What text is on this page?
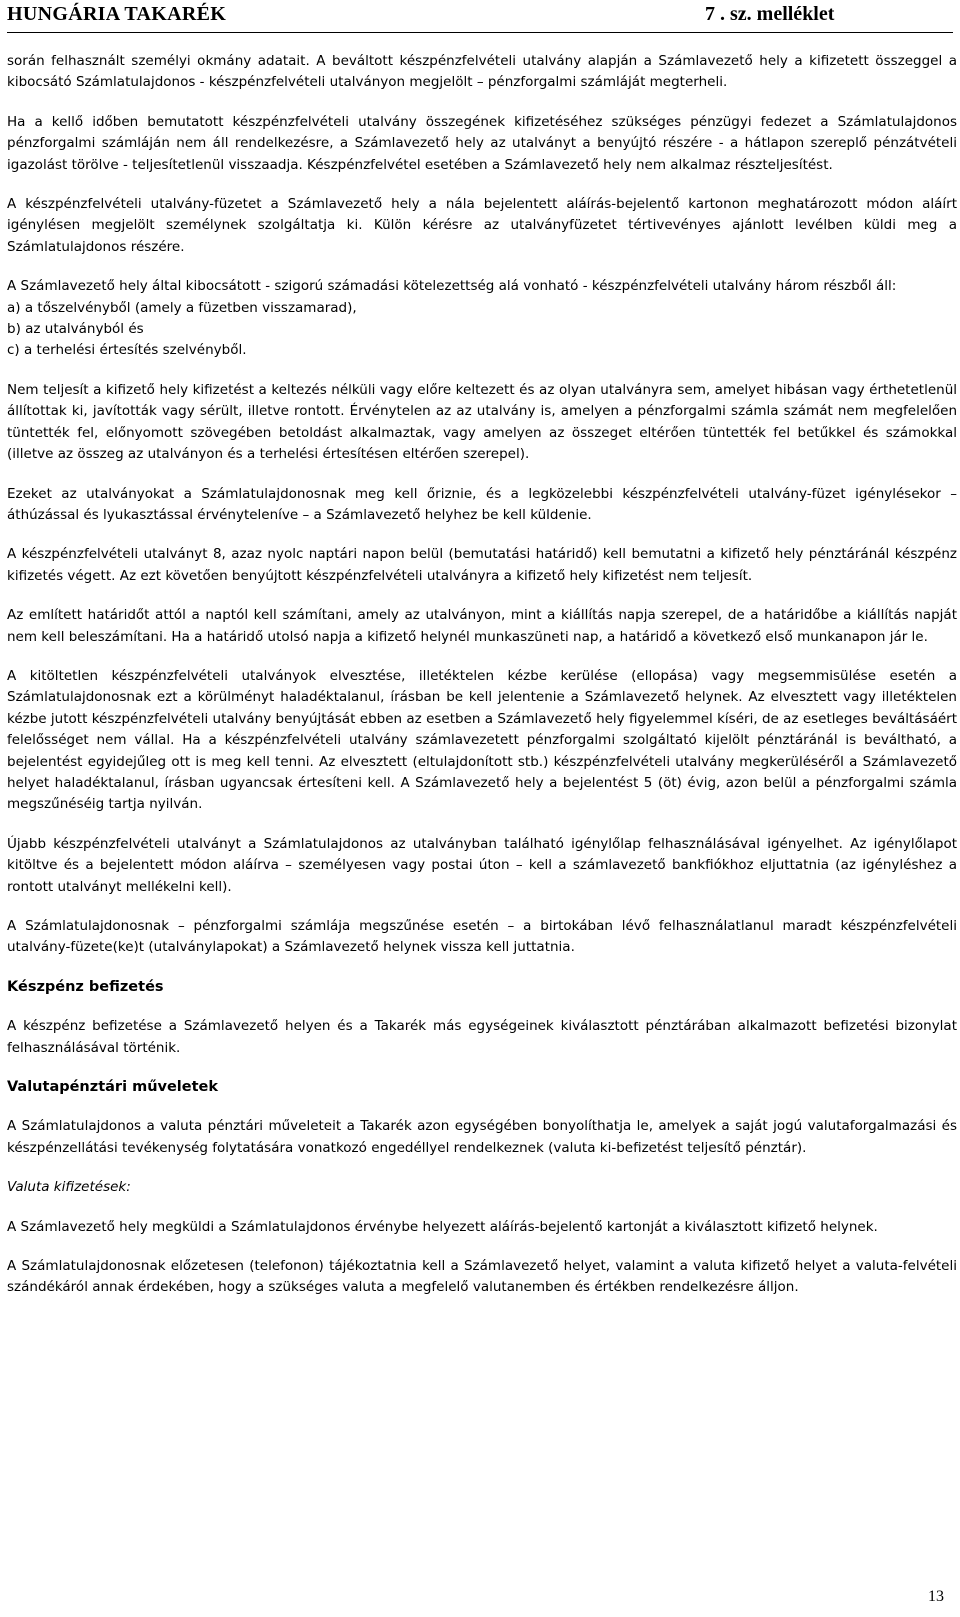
HUNGÁRIA TAKARÉK	7 . sz. melléklet

során felhasznált személyi okmány adatait. A beváltott készpénzfelvételi utalvány alapján a Számlavezető hely a kifizetett összeggel a kibocsátó Számlatulajdonos - készpénzfelvételi utalványon megjelölt – pénzforgalmi számláját megterheli.

Ha a kellő időben bemutatott készpénzfelvételi utalvány összegének kifizetéséhez szükséges pénzügyi fedezet a Számlatulajdonos pénzforgalmi számláján nem áll rendelkezésre, a Számlavezető hely az utalványt a benyújtó részére - a hátlapon szereplő pénzátvételi igazolást törölve - teljesítetlenül visszaadja. Készpénzfelvétel esetében a Számlavezető hely nem alkalmaz részteljesítést.

A készpénzfelvételi utalvány-füzetet a Számlavezető hely a nála bejelentett aláírás-bejelentő kartonon meghatározott módon aláírt igénylésen megjelölt személynek szolgáltatja ki. Külön kérésre az utalványfüzetet tértivevényes ajánlott levélben küldi meg a Számlatulajdonos részére.

A Számlavezető hely által kibocsátott - szigorú számadási kötelezettség alá vonható - készpénzfelvételi utalvány három részből áll:
a) a tőszelvényből (amely a füzetben visszamarad),
b) az utalványból és
c) a terhelési értesítés szelvényből.

Nem teljesít a kifizető hely kifizetést a keltezés nélküli vagy előre keltezett és az olyan utalványra sem, amelyet hibásan vagy érthetetlenül állítottak ki, javították vagy sérült, illetve rontott. Érvénytelen az az utalvány is, amelyen a pénzforgalmi számla számát nem megfelelően tüntették fel, előnyomott szövegében betoldást alkalmaztak, vagy amelyen az összeget eltérően tüntették fel betűkkel és számokkal (illetve az összeg az utalványon és a terhelési értesítésen eltérően szerepel).

Ezeket az utalványokat a Számlatulajdonosnak meg kell őriznie, és a legközelebbi készpénzfelvételi utalvány-füzet igénylésekor – áthúzással és lyukasztással érvényteleníve – a Számlavezető helyhez be kell küldenie.

A készpénzfelvételi utalványt 8, azaz nyolc naptári napon belül (bemutatási határidő) kell bemutatni a kifizető hely pénztáránál készpénz kifizetés végett. Az ezt követően benyújtott készpénzfelvételi utalványra a kifizető hely kifizetést nem teljesít.

Az említett határidőt attól a naptól kell számítani, amely az utalványon, mint a kiállítás napja szerepel, de a határidőbe a kiállítás napját nem kell beleszámítani. Ha a határidő utolsó napja a kifizető helynél munkaszüneti nap, a határidő a következő első munkanapon jár le.

A kitöltetlen készpénzfelvételi utalványok elvesztése, illetéktelen kézbe kerülése (ellopása) vagy megsemmisülése esetén a Számlatulajdonosnak ezt a körülményt haladéktalanul, írásban be kell jelentenie a Számlavezető helynek. Az elvesztett vagy illetéktelen kézbe jutott készpénzfelvételi utalvány benyújtását ebben az esetben a Számlavezető hely figyelemmel kíséri, de az esetleges beváltásáért felelősséget nem vállal. Ha a készpénzfelvételi utalvány számlavezetett pénzforgalmi szolgáltató kijelölt pénztáránál is beváltható, a bejelentést egyidejűleg ott is meg kell tenni. Az elvesztett (eltulajdonított stb.) készpénzfelvételi utalvány megkerüléséről a Számlavezető helyet haladéktalanul, írásban ugyancsak értesíteni kell. A Számlavezető hely a bejelentést 5 (öt) évig, azon belül a pénzforgalmi számla megszűnéséig tartja nyilván.

Újabb készpénzfelvételi utalványt a Számlatulajdonos az utalványban található igénylőlap felhasználásával igényelhet. Az igénylőlapot kitöltve és a bejelentett módon aláírva – személyesen vagy postai úton – kell a számlavezető bankfiókhoz eljuttatnia (az igényléshez a rontott utalványt mellékelni kell).

A Számlatulajdonosnak – pénzforgalmi számlája megszűnése esetén – a birtokában lévő felhasználatlanul maradt készpénzfelvételi utalvány-füzete(ke)t (utalványlapokat) a Számlavezető helynek vissza kell juttatnia.

Készpénz befizetés

A készpénz befizetése a Számlavezető helyen és a Takarék más egységeinek kiválasztott pénztárában alkalmazott befizetési bizonylat felhasználásával történik.

Valutapénztári műveletek

A Számlatulajdonos a valuta pénztári műveleteit a Takarék azon egységében bonyolíthatja le, amelyek a saját jogú valutaforgalmazási és készpénzellátási tevékenység folytatására vonatkozó engedéllyel rendelkeznek (valuta ki-befizetést teljesítő pénztár).

Valuta kifizetések:

A Számlavezető hely megküldi a Számlatulajdonos érvénybe helyezett aláírás-bejelentő kartonját a kiválasztott kifizető helynek.

A Számlatulajdonosnak előzetesen (telefonon) tájékoztatnia kell a Számlavezető helyet, valamint a valuta kifizető helyet a valuta-felvételi szándékáról annak érdekében, hogy a szükséges valuta a megfelelő valutanemben és értékben rendelkezésre álljon.

13
